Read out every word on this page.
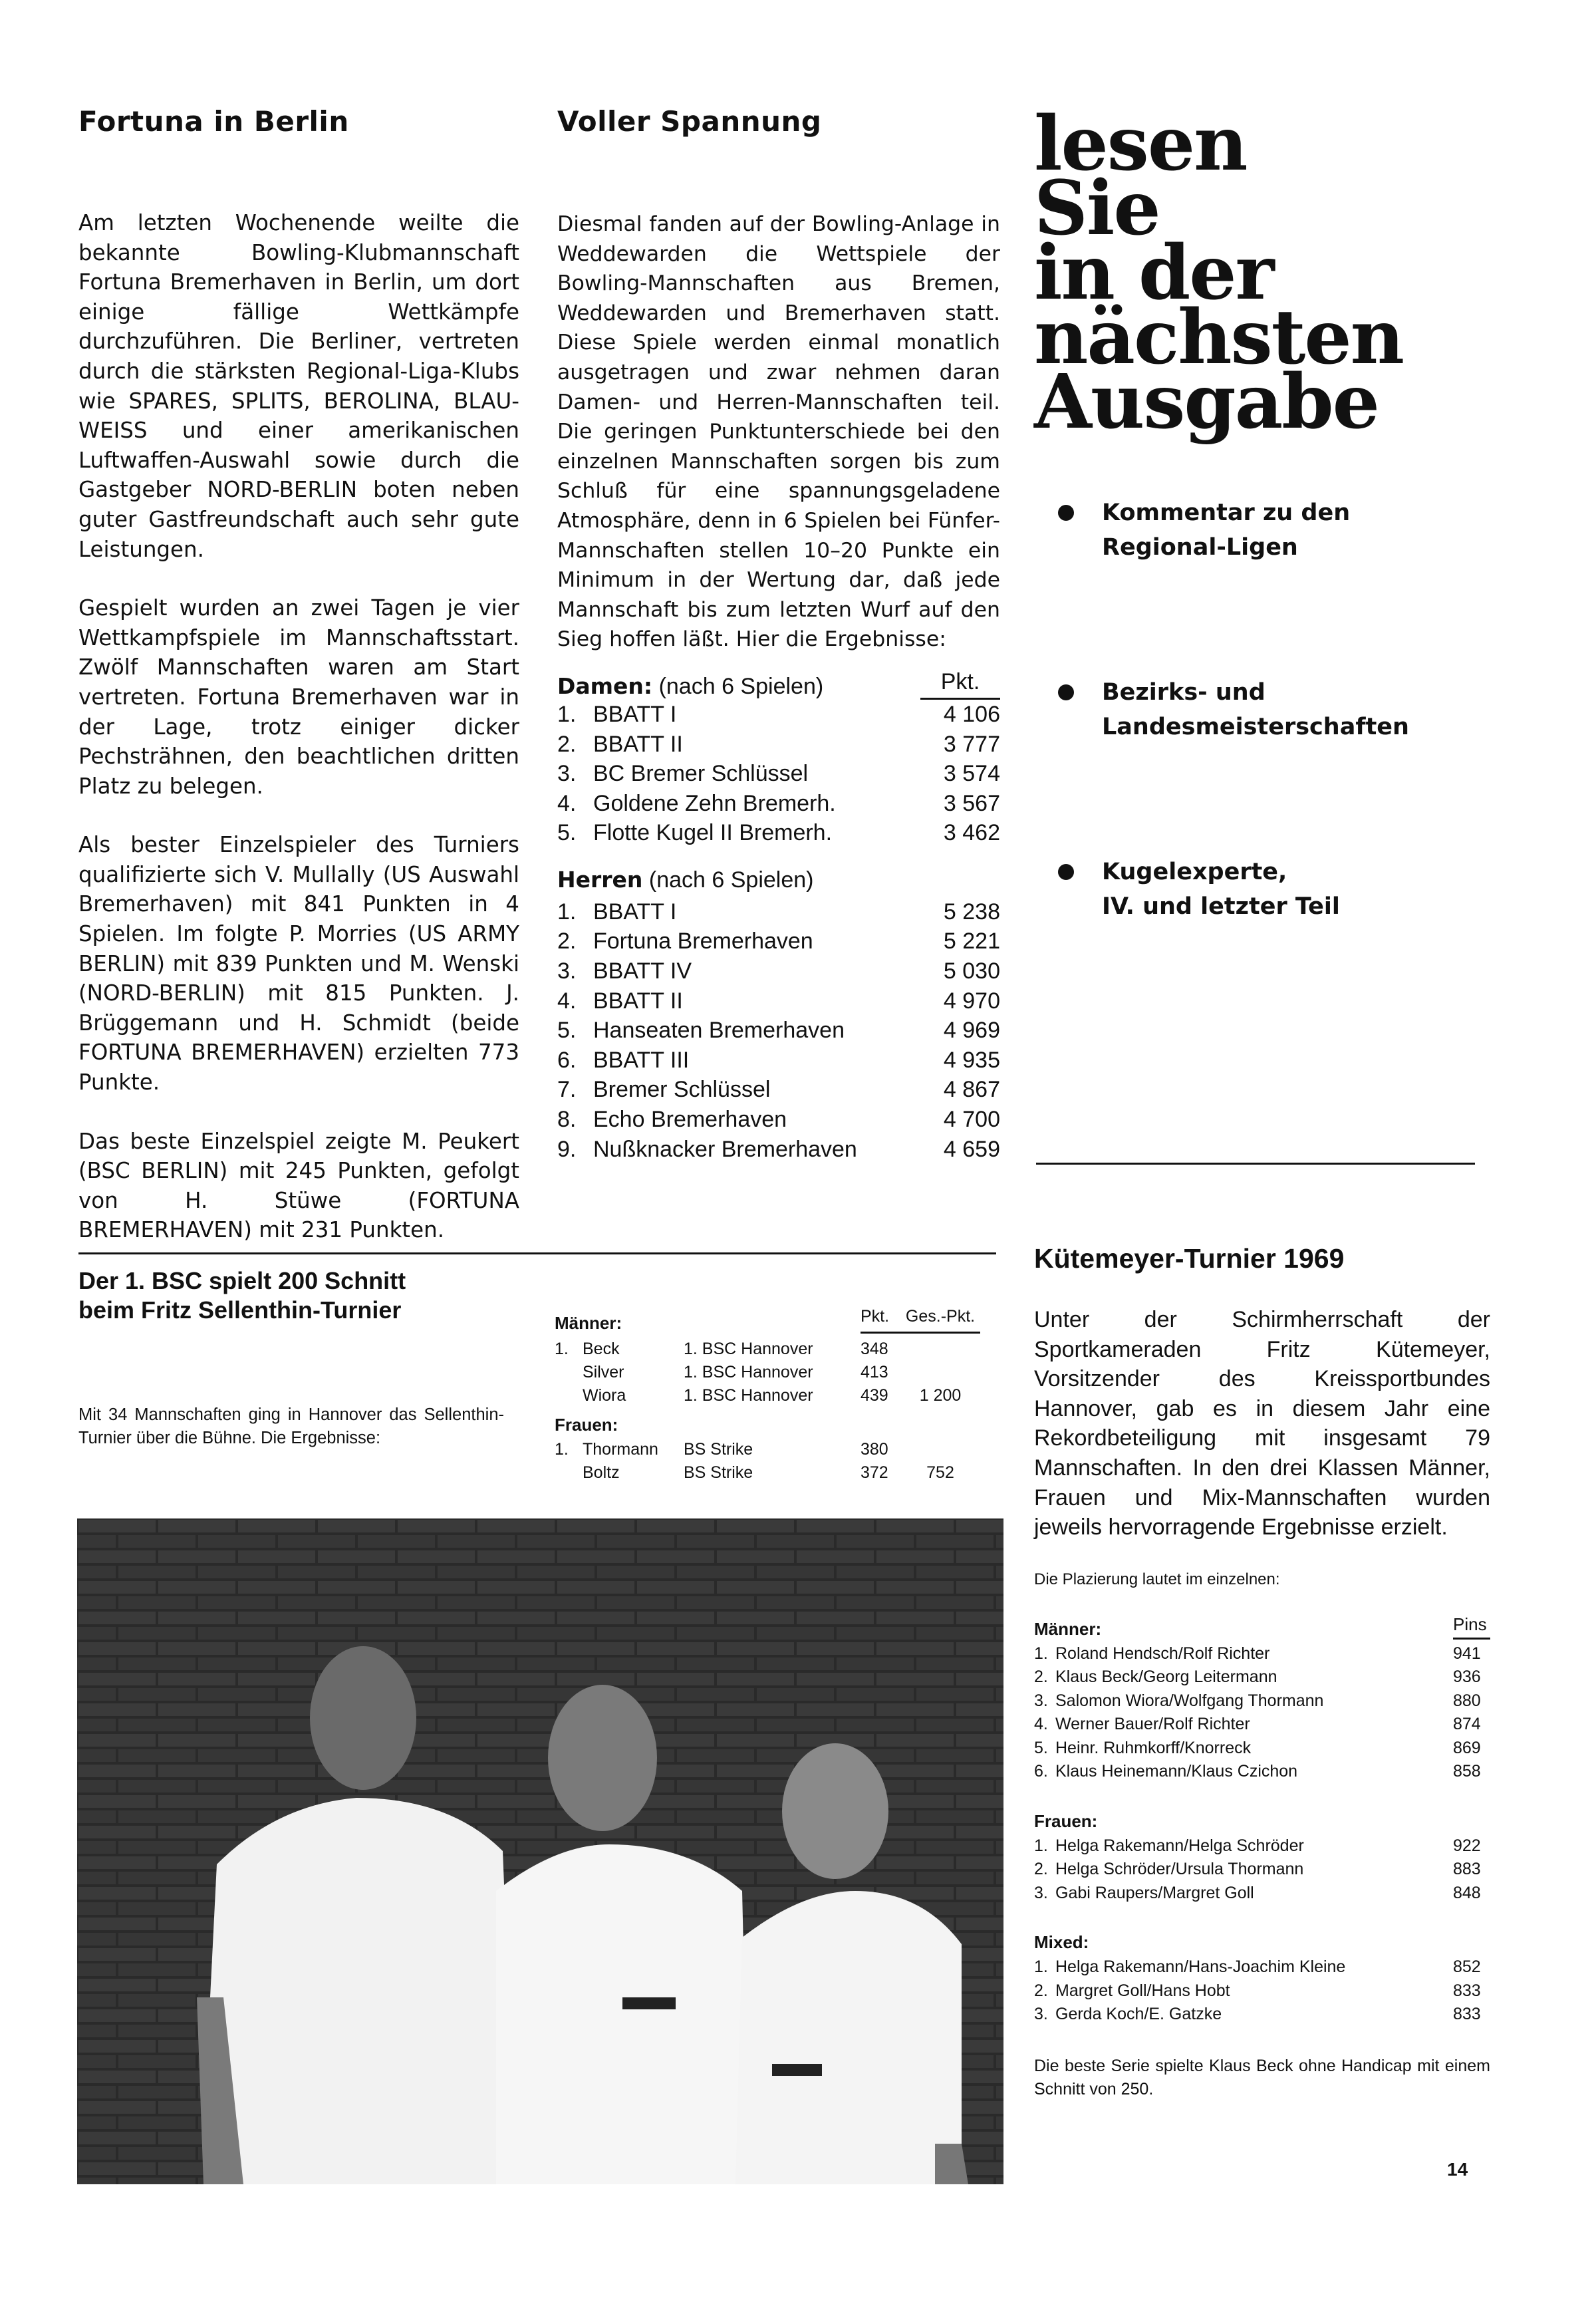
Fortuna in Berlin

Am letzten Wochenende weilte die bekannte Bowling-Klubmannschaft Fortuna Bremerhaven in Berlin, um dort einige fällige Wettkämpfe durchzuführen. Die Berliner, vertreten durch die stärksten Regional-Liga-Klubs wie SPARES, SPLITS, BEROLINA, BLAU-WEISS und einer amerikanischen Luftwaffen-Auswahl sowie durch die Gastgeber NORD-BERLIN boten neben guter Gastfreundschaft auch sehr gute Leistungen.

Gespielt wurden an zwei Tagen je vier Wettkampfspiele im Mannschaftsstart. Zwölf Mannschaften waren am Start vertreten. Fortuna Bremerhaven war in der Lage, trotz einiger dicker Pechsträhnen, den beachtlichen dritten Platz zu belegen.

Als bester Einzelspieler des Turniers qualifizierte sich V. Mullally (US Auswahl Bremerhaven) mit 841 Punkten in 4 Spielen. Im folgte P. Morries (US ARMY BERLIN) mit 839 Punkten und M. Wenski (NORD-BERLIN) mit 815 Punkten. J. Brüggemann und H. Schmidt (beide FORTUNA BREMERHAVEN) erzielten 773 Punkte.

Das beste Einzelspiel zeigte M. Peukert (BSC BERLIN) mit 245 Punkten, gefolgt von H. Stüwe (FORTUNA BREMERHAVEN) mit 231 Punkten.

Voller Spannung

Diesmal fanden auf der Bowling-Anlage in Weddewarden die Wettspiele der Bowling-Mannschaften aus Bremen, Weddewarden und Bremerhaven statt. Diese Spiele werden einmal monatlich ausgetragen und zwar nehmen daran Damen- und Herren-Mannschaften teil. Die geringen Punktunterschiede bei den einzelnen Mannschaften sorgen bis zum Schluß für eine spannungsgeladene Atmosphäre, denn in 6 Spielen bei Fünfer-Mannschaften stellen 10–20 Punkte ein Minimum in der Wertung dar, daß jede Mannschaft bis zum letzten Wurf auf den Sieg hoffen läßt. Hier die Ergebnisse:

Damen: (nach 6 Spielen)	Pkt.
1. BBATT I	4 106
2. BBATT II	3 777
3. BC Bremer Schlüssel	3 574
4. Goldene Zehn Bremerh.	3 567
5. Flotte Kugel II Bremerh.	3 462
Herren (nach 6 Spielen)
1. BBATT I	5 238
2. Fortuna Bremerhaven	5 221
3. BBATT IV	5 030
4. BBATT II	4 970
5. Hanseaten Bremerhaven	4 969
6. BBATT III	4 935
7. Bremer Schlüssel	4 867
8. Echo Bremerhaven	4 700
9. Nußknacker Bremerhaven	4 659
lesen
Sie
in der
nächsten
Ausgabe
Kommentar zu den
Regional-Ligen
Bezirks- und
Landesmeisterschaften
Kugelexperte,
IV. und letzter Teil
Der 1. BSC spielt 200 Schnitt
beim Fritz Sellenthin-Turnier

Mit 34 Mannschaften ging in Hannover das Sellenthin-Turnier über die Bühne. Die Ergebnisse:

Männer:	Pkt. Ges.-Pkt.
1. Beck	1. BSC Hannover	348
Silver	1. BSC Hannover	413
Wiora	1. BSC Hannover	439	1 200
Frauen:
1. Thormann	BS Strike	380
Boltz	BS Strike	372	752
Kütemeyer-Turnier 1969

Unter der Schirmherrschaft der Sportkameraden Fritz Kütemeyer, Vorsitzender des Kreissportbundes Hannover, gab es in diesem Jahr eine Rekordbeteiligung mit insgesamt 79 Mannschaften. In den drei Klassen Männer, Frauen und Mix-Mannschaften wurden jeweils hervorragende Ergebnisse erzielt.

Die Plazierung lautet im einzelnen:
Männer:	Pins
1. Roland Hendsch/Rolf Richter	941
2. Klaus Beck/Georg Leitermann	936
3. Salomon Wiora/Wolfgang Thormann	880
4. Werner Bauer/Rolf Richter	874
5. Heinr. Ruhmkorff/Knorreck	869
6. Klaus Heinemann/Klaus Czichon	858
Frauen:
1. Helga Rakemann/Helga Schröder	922
2. Helga Schröder/Ursula Thormann	883
3. Gabi Raupers/Margret Goll	848
Mixed:
1. Helga Rakemann/Hans-Joachim Kleine	852
2. Margret Goll/Hans Hobt	833
3. Gerda Koch/E. Gatzke	833

Die beste Serie spielte Klaus Beck ohne Handicap mit einem Schnitt von 250.

14
